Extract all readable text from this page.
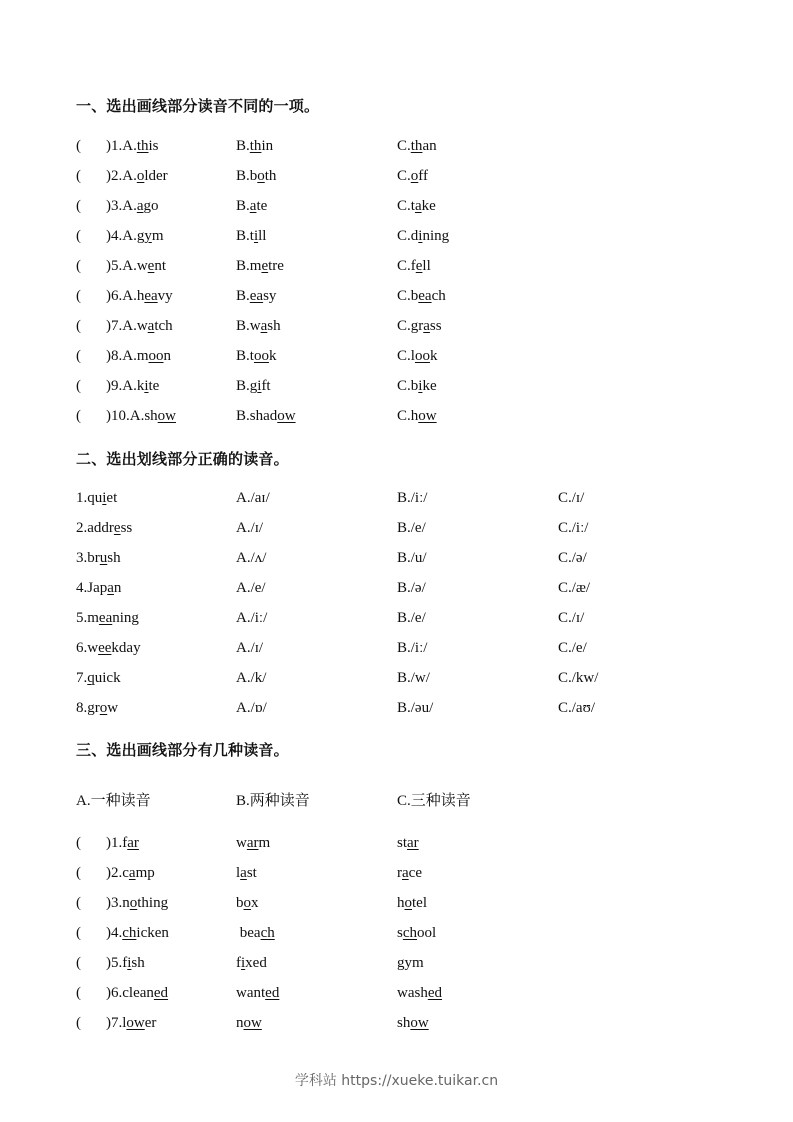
一、选出画线部分读音不同的一项。
( )1.A.this	B.thin	C.than
( )2.A.older	B.both	C.off
( )3.A.ago	B.ate	C.take
( )4.A.gym	B.till	C.dining
( )5.A.went	B.metre	C.fell
( )6.A.heavy	B.easy	C.beach
( )7.A.watch	B.wash	C.grass
( )8.A.moon	B.took	C.look
( )9.A.kite	B.gift	C.bike
( )10.A.show	B.shadow	C.how
二、选出划线部分正确的读音。
1.quiet	A./aɪ/	B./iː/	C./ɪ/
2.address	A./ɪ/	B./e/	C./iː/
3.brush	A./ʌ/	B./u/	C./ə/
4.Japan	A./e/	B./ə/	C./æ/
5.meaning	A./iː/	B./e/	C./ɪ/
6.weekday	A./ɪ/	B./iː/	C./e/
7.quick	A./k/	B./w/	C./kw/
8.grow	A./ɒ/	B./əu/	C./aʊ/
三、选出画线部分有几种读音。
A.一种读音	B.两种读音	C.三种读音
( )1.far	warm	star
( )2.camp	last	race
( )3.nothing	box	hotel
( )4.chicken	beach	school
( )5.fish	fixed	gym
( )6.cleaned	wanted	washed
( )7.lower	now	show
学科站 https://xueke.tuikar.cn
